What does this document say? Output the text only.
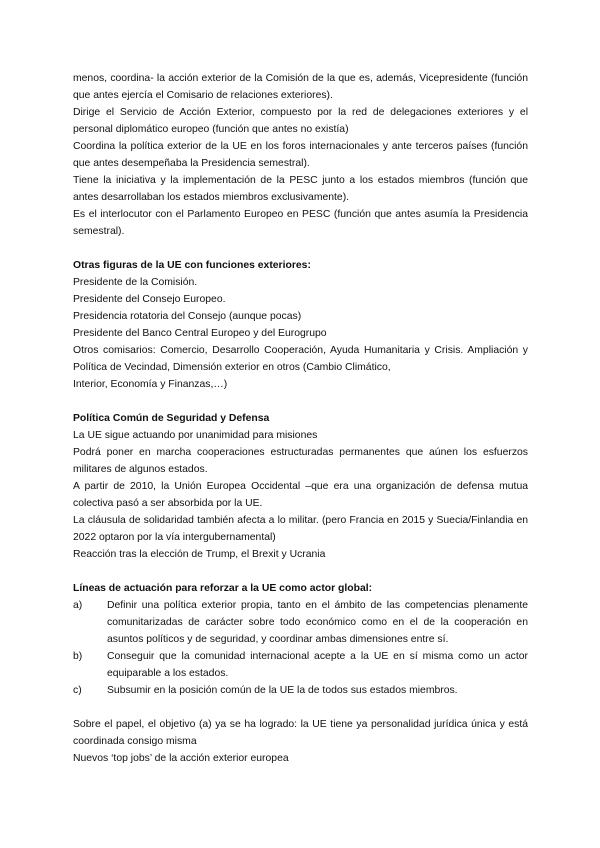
menos, coordina- la acción exterior de la Comisión de la que es, además, Vicepresidente (función que antes ejercía el Comisario de relaciones exteriores).

Dirige el Servicio de Acción Exterior, compuesto por la red de delegaciones exteriores y el personal diplomático europeo (función que antes no existía)

Coordina la política exterior de la UE en los foros internacionales y ante terceros países (función que antes desempeñaba la Presidencia semestral).

Tiene la iniciativa y la implementación de la PESC junto a los estados miembros (función que antes desarrollaban los estados miembros exclusivamente).

Es el interlocutor con el Parlamento Europeo en PESC (función que antes asumía la Presidencia semestral).

Otras figuras de la UE con funciones exteriores:

Presidente de la Comisión.

Presidente del Consejo Europeo.

Presidencia rotatoria del Consejo (aunque pocas)

Presidente del Banco Central Europeo y del Eurogrupo

Otros comisarios: Comercio, Desarrollo Cooperación, Ayuda Humanitaria y Crisis. Ampliación y Política de Vecindad, Dimensión exterior en otros (Cambio Climático,

Interior, Economía y Finanzas,…)

Política Común de Seguridad y Defensa

La UE sigue actuando por unanimidad para misiones

Podrá poner en marcha cooperaciones estructuradas permanentes que aúnen los esfuerzos militares de algunos estados.

A partir de 2010, la Unión Europea Occidental –que era una organización de defensa mutua colectiva pasó a ser absorbida por la UE.

La cláusula de solidaridad también afecta a lo militar. (pero Francia en 2015 y Suecia/Finlandia en 2022 optaron por la vía intergubernamental)

Reacción tras la elección de Trump, el Brexit y Ucrania

Líneas de actuación para reforzar a la UE como actor global:

a)	Definir una política exterior propia, tanto en el ámbito de las competencias plenamente comunitarizadas de carácter sobre todo económico como en el de la cooperación en asuntos políticos y de seguridad, y coordinar ambas dimensiones entre sí.
b)	Conseguir que la comunidad internacional acepte a la UE en sí misma como un actor equiparable a los estados.
c)	Subsumir en la posición común de la UE la de todos sus estados miembros.

Sobre el papel, el objetivo (a) ya se ha logrado: la UE tiene ya personalidad jurídica única y está coordinada consigo misma

Nuevos ‘top jobs’ de la acción exterior europea
